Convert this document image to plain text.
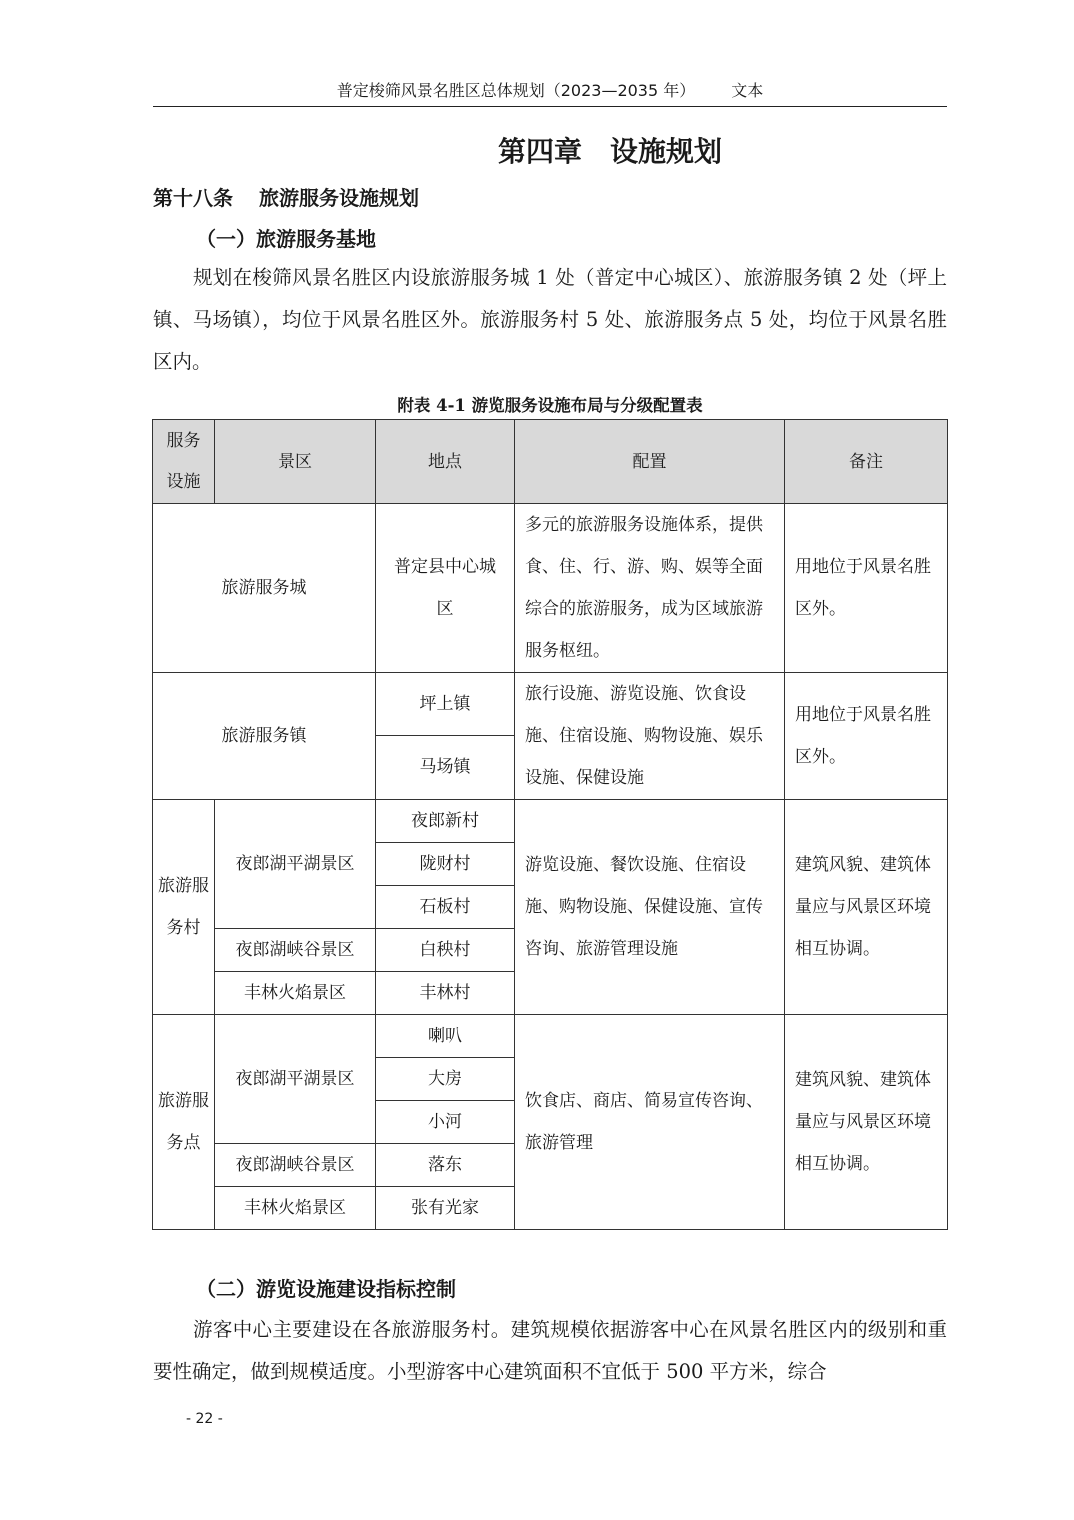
普定梭筛风景名胜区总体规划（2023—2035 年） 文本
第四章　设施规划
第十八条 旅游服务设施规划
（一）旅游服务基地

规划在梭筛风景名胜区内设旅游服务城 1 处（普定中心城区）、旅游服务镇 2 处（坪上镇、马场镇），均位于风景名胜区外。旅游服务村 5 处、旅游服务点 5 处，均位于风景名胜区内。

附表 4-1 游览服务设施布局与分级配置表
服务设施	景区	地点	配置	备注
旅游服务城		普定县中心城区	多元的旅游服务设施体系，提供食、住、行、游、购、娱等全面综合的旅游服务，成为区域旅游服务枢纽。	用地位于风景名胜区外。
旅游服务镇		坪上镇	旅行设施、游览设施、饮食设施、住宿设施、购物设施、娱乐设施、保健设施	用地位于风景名胜区外。
		马场镇		
旅游服务村	夜郎湖平湖景区	夜郎新村	游览设施、餐饮设施、住宿设施、购物设施、保健设施、宣传咨询、旅游管理设施	建筑风貌、建筑体量应与风景区环境相互协调。
		陇财村		
		石板村		
	夜郎湖峡谷景区	白秧村		
	丰林火焰景区	丰林村		
旅游服务点	夜郎湖平湖景区	喇叭	饮食店、商店、简易宣传咨询、旅游管理	建筑风貌、建筑体量应与风景区环境相互协调。
		大房		
		小河		
	夜郎湖峡谷景区	落东		
	丰林火焰景区	张有光家		
（二）游览设施建设指标控制

游客中心主要建设在各旅游服务村。建筑规模依据游客中心在风景名胜区内的级别和重要性确定，做到规模适度。小型游客中心建筑面积不宜低于 500 平方米，综合

- 22 -
